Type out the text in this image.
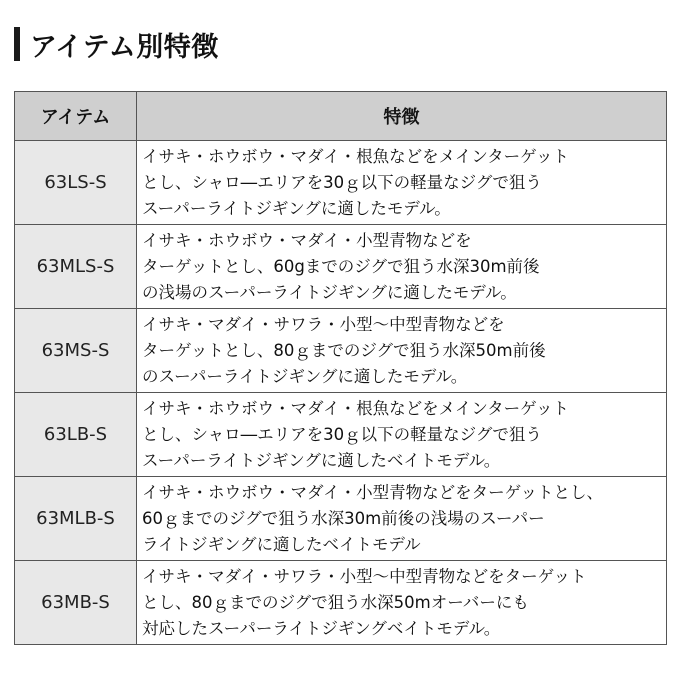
アイテム別特徴
アイテム	特徴
63LS-S	イサキ・ホウボウ・マダイ・根魚などをメインターゲット
とし、シャロ―エリアを30ｇ以下の軽量なジグで狙う
スーパーライトジギングに適したモデル。

63MLS-S	イサキ・ホウボウ・マダイ・小型青物などを
ターゲットとし、60gまでのジグで狙う水深30m前後
の浅場のスーパーライトジギングに適したモデル。

63MS-S	イサキ・マダイ・サワラ・小型〜中型青物などを
ターゲットとし、80ｇまでのジグで狙う水深50m前後
のスーパーライトジギングに適したモデル。

63LB-S	イサキ・ホウボウ・マダイ・根魚などをメインターゲット
とし、シャロ―エリアを30ｇ以下の軽量なジグで狙う
スーパーライトジギングに適したベイトモデル。

63MLB-S	イサキ・ホウボウ・マダイ・小型青物などをターゲットとし、
60ｇまでのジグで狙う水深30m前後の浅場のスーパー
ライトジギングに適したベイトモデル

63MB-S	イサキ・マダイ・サワラ・小型〜中型青物などをターゲット
とし、80ｇまでのジグで狙う水深50mオーバーにも
対応したスーパーライトジギングベイトモデル。
